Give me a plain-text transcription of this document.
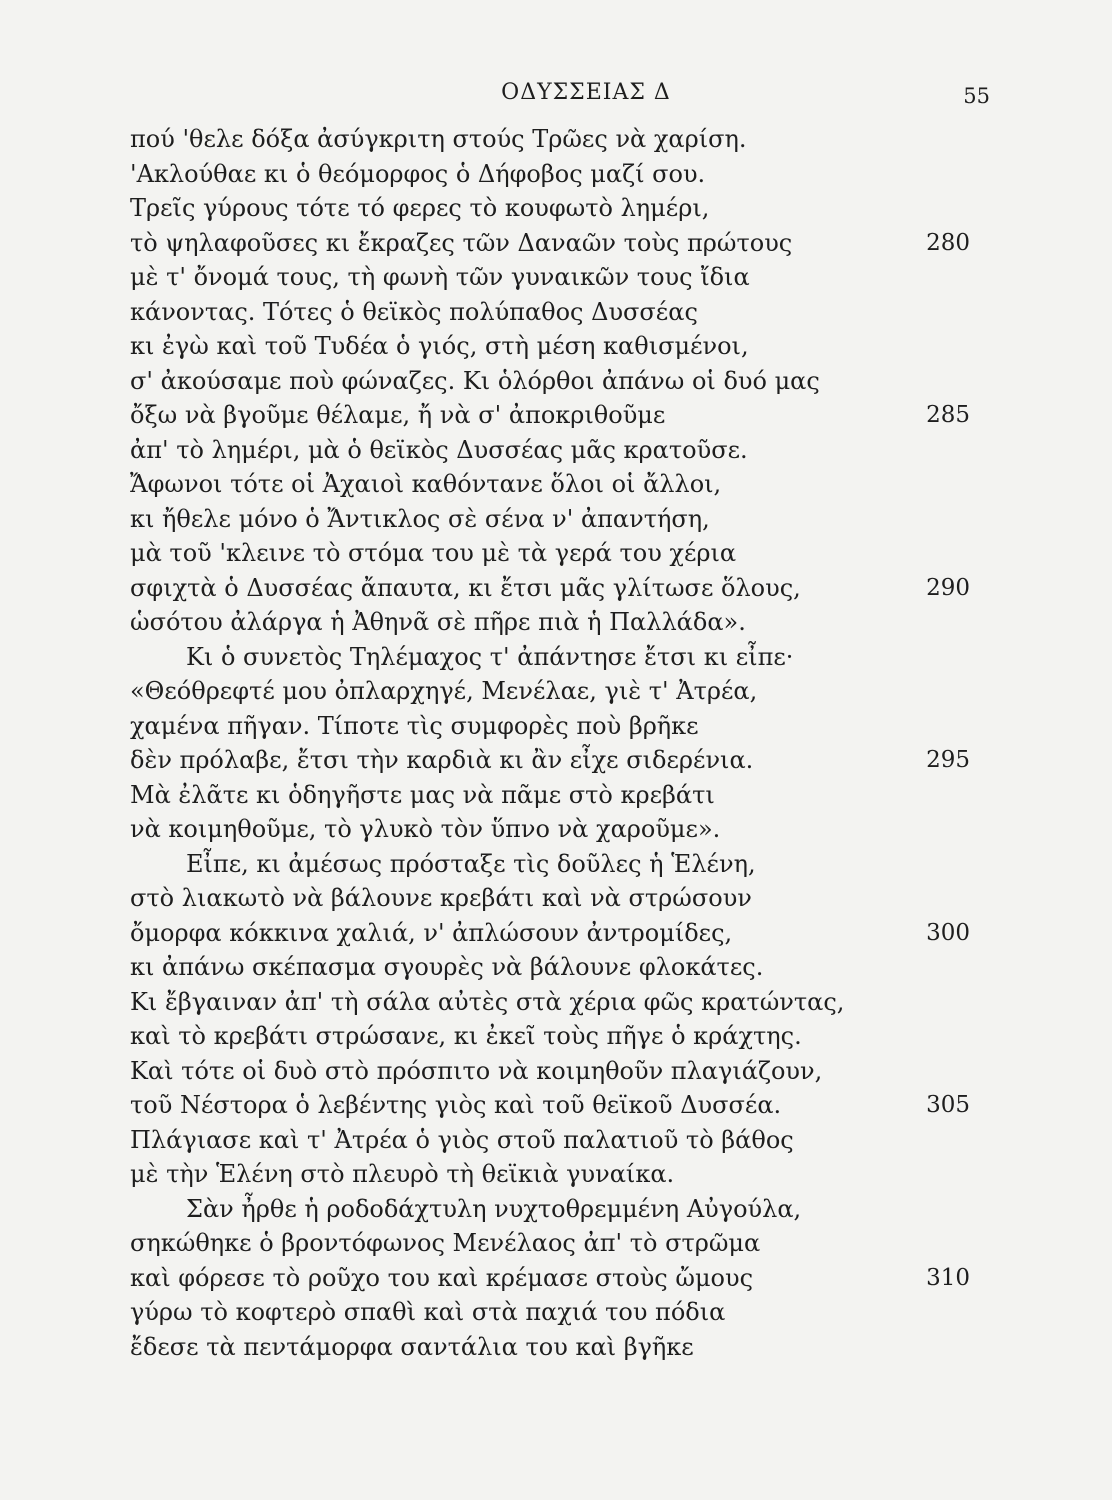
ΟΔΥΣΣΕΙΑΣ Δ	55
πού 'θελε δόξα ἀσύγκριτη στούς Τρῶες νὰ χαρίση.
'Ακλούθαε κι ὁ θεόμορφος ὁ Δήφοβος μαζί σου.
Τρεῖς γύρους τότε τό φερες τὸ κουφωτὸ λημέρι,
τὸ ψηλαφοῦσες κι ἔκραζες τῶν Δαναῶν τοὺς πρώτους	280
μὲ τ' ὄνομά τους, τὴ φωνὴ τῶν γυναικῶν τους ἴδια
κάνοντας. Τότες ὁ θεϊκὸς πολύπαθος Δυσσέας
κι ἐγὼ καὶ τοῦ Τυδέα ὁ γιός, στὴ μέση καθισμένοι,
σ' ἀκούσαμε ποὺ φώναζες. Κι ὁλόρθοι ἀπάνω οἱ δυό μας
ὄξω νὰ βγοῦμε θέλαμε, ἤ νὰ σ' ἀποκριθοῦμε	285
ἀπ' τὸ λημέρι, μὰ ὁ θεϊκὸς Δυσσέας μᾶς κρατοῦσε.
Ἄφωνοι τότε οἱ Ἀχαιοὶ καθόντανε ὅλοι οἱ ἄλλοι,
κι ἤθελε μόνο ὁ Ἄντικλος σὲ σένα ν' ἀπαντήση,
μὰ τοῦ 'κλεινε τὸ στόμα του μὲ τὰ γερά του χέρια
σφιχτὰ ὁ Δυσσέας ἄπαυτα, κι ἔτσι μᾶς γλίτωσε ὅλους,	290
ὡσότου ἀλάργα ἡ Ἀθηνᾶ σὲ πῆρε πιὰ ἡ Παλλάδα».
Κι ὁ συνετὸς Τηλέμαχος τ' ἀπάντησε ἔτσι κι εἶπε·
«Θεόθρεφτέ μου ὀπλαρχηγέ, Μενέλαε, γιὲ τ' Ἀτρέα,
χαμένα πῆγαν. Τίποτε τὶς συμφορὲς ποὺ βρῆκε
δὲν πρόλαβε, ἔτσι τὴν καρδιὰ κι ἂν εἶχε σιδερένια.	295
Μὰ ἐλᾶτε κι ὁδηγῆστε μας νὰ πᾶμε στὸ κρεβάτι
νὰ κοιμηθοῦμε, τὸ γλυκὸ τὸν ὕπνο νὰ χαροῦμε».
Εἶπε, κι ἀμέσως πρόσταξε τὶς δοῦλες ἡ Ἑλένη,
στὸ λιακωτὸ νὰ βάλουνε κρεβάτι καὶ νὰ στρώσουν
ὄμορφα κόκκινα χαλιά, ν' ἀπλώσουν ἀντρομίδες,	300
κι ἀπάνω σκέπασμα σγουρὲς νὰ βάλουνε φλοκάτες.
Κι ἔβγαιναν ἀπ' τὴ σάλα αὐτὲς στὰ χέρια φῶς κρατώντας,
καὶ τὸ κρεβάτι στρώσανε, κι ἐκεῖ τοὺς πῆγε ὁ κράχτης.
Καὶ τότε οἱ δυὸ στὸ πρόσπιτο νὰ κοιμηθοῦν πλαγιάζουν,
τοῦ Νέστορα ὁ λεβέντης γιὸς καὶ τοῦ θεϊκοῦ Δυσσέα.	305
Πλάγιασε καὶ τ' Ἀτρέα ὁ γιὸς στοῦ παλατιοῦ τὸ βάθος
μὲ τὴν Ἑλένη στὸ πλευρὸ τὴ θεϊκιὰ γυναίκα.
Σὰν ἦρθε ἡ ροδοδάχτυλη νυχτοθρεμμένη Αὐγούλα,
σηκώθηκε ὁ βροντόφωνος Μενέλαος ἀπ' τὸ στρῶμα
καὶ φόρεσε τὸ ροῦχο του καὶ κρέμασε στοὺς ὤμους	310
γύρω τὸ κοφτερὸ σπαθὶ καὶ στὰ παχιά του πόδια
ἔδεσε τὰ πεντάμορφα σαντάλια του καὶ βγῆκε
